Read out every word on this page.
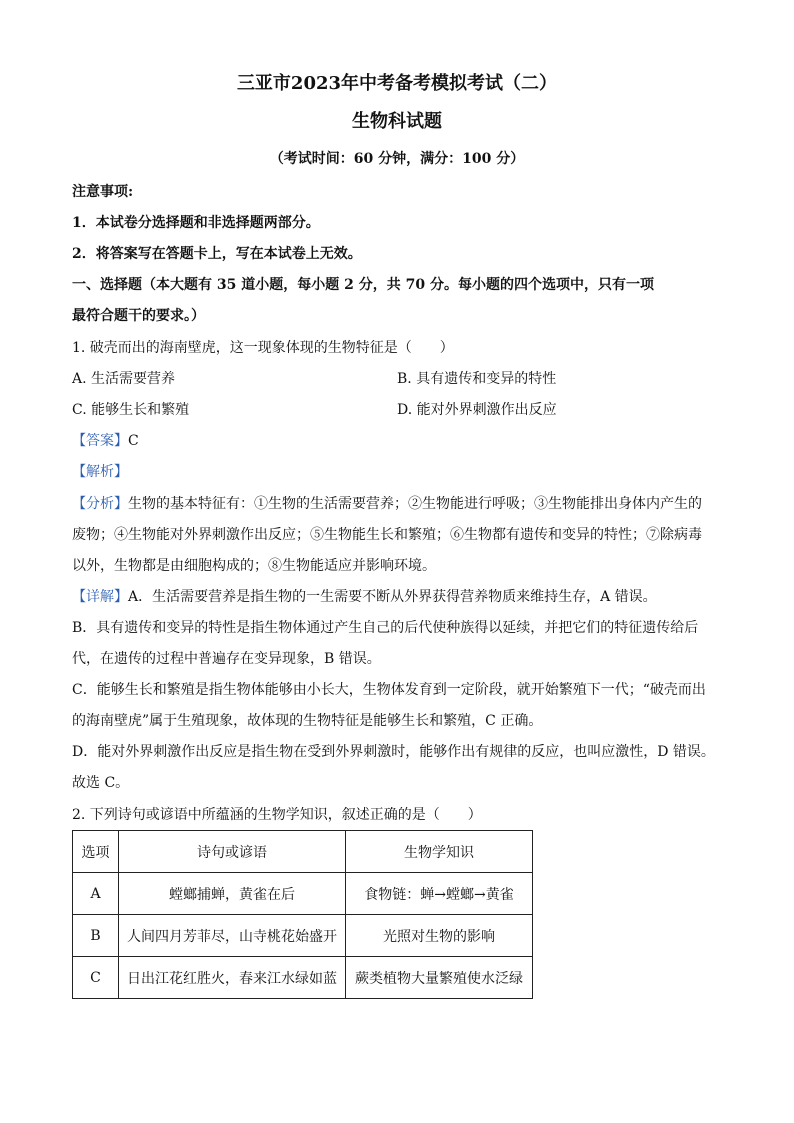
三亚市2023年中考备考模拟考试（二）
生物科试题
（考试时间：60 分钟，满分：100 分）
注意事项:
1．本试卷分选择题和非选择题两部分。
2．将答案写在答题卡上，写在本试卷上无效。
一、选择题（本大题有 35 道小题，每小题 2 分，共 70 分。每小题的四个选项中，只有一项
最符合题干的要求。）
1. 破壳而出的海南壁虎，这一现象体现的生物特征是（　　）
A. 生活需要营养	B. 具有遗传和变异的特性
C. 能够生长和繁殖	D. 能对外界刺激作出反应
【答案】C
【解析】
【分析】生物的基本特征有：①生物的生活需要营养；②生物能进行呼吸；③生物能排出身体内产生的
废物；④生物能对外界刺激作出反应；⑤生物能生长和繁殖；⑥生物都有遗传和变异的特性；⑦除病毒
以外，生物都是由细胞构成的；⑧生物能适应并影响环境。
【详解】A．生活需要营养是指生物的一生需要不断从外界获得营养物质来维持生存，A 错误。
B．具有遗传和变异的特性是指生物体通过产生自己的后代使种族得以延续，并把它们的特征遗传给后
代，在遗传的过程中普遍存在变异现象，B 错误。
C．能够生长和繁殖是指生物体能够由小长大，生物体发育到一定阶段，就开始繁殖下一代；“破壳而出
的海南壁虎”属于生殖现象，故体现的生物特征是能够生长和繁殖，C 正确。
D．能对外界刺激作出反应是指生物在受到外界刺激时，能够作出有规律的反应，也叫应激性，D 错误。
故选 C。
2. 下列诗句或谚语中所蕴涵的生物学知识，叙述正确的是（　　）
选项	诗句或谚语	生物学知识
A	螳螂捕蝉，黄雀在后	食物链：蝉→螳螂→黄雀
B	人间四月芳菲尽，山寺桃花始盛开	光照对生物的影响
C	日出江花红胜火，春来江水绿如蓝	蕨类植物大量繁殖使水泛绿
